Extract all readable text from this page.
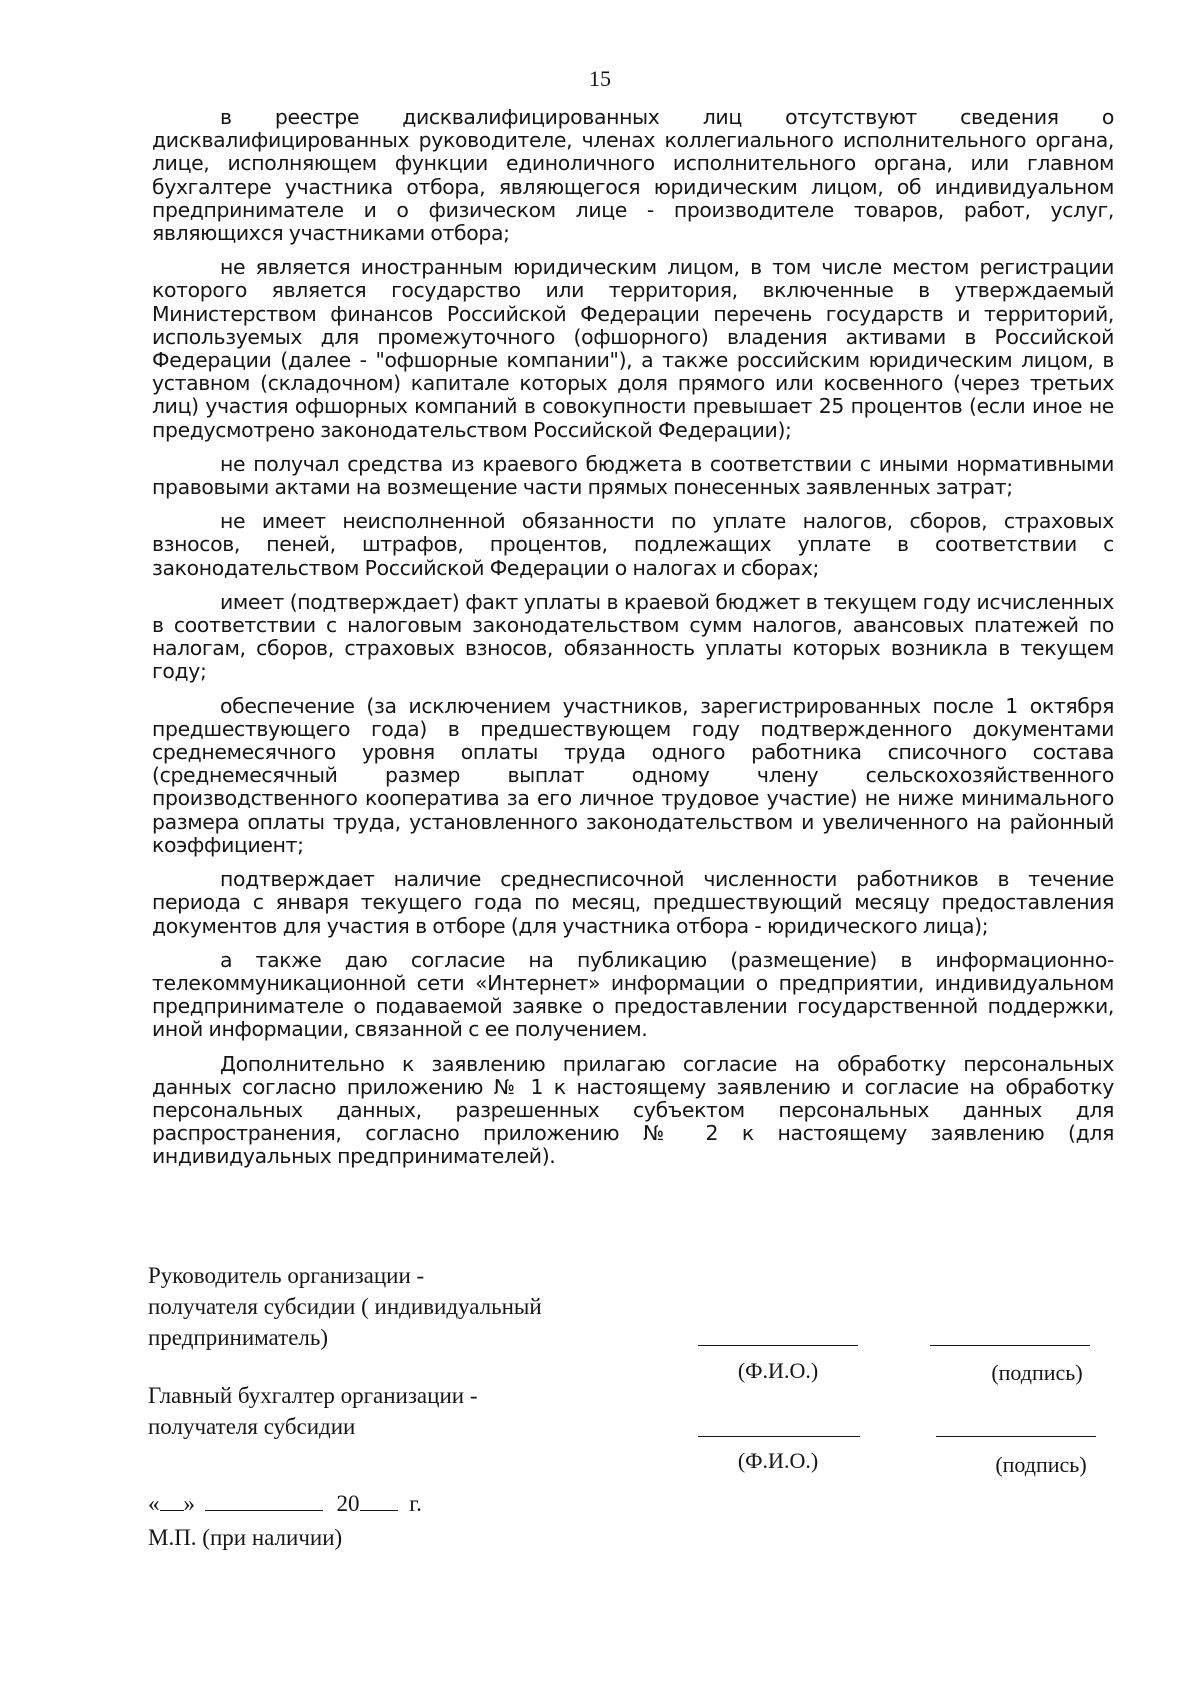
15

в реестре дисквалифицированных лиц отсутствуют сведения о дисквалифицированных руководителе, членах коллегиального исполнительного органа, лице, исполняющем функции единоличного исполнительного органа, или главном бухгалтере участника отбора, являющегося юридическим лицом, об индивидуальном предпринимателе и о физическом лице - производителе товаров, работ, услуг, являющихся участниками отбора;

не является иностранным юридическим лицом, в том числе местом регистрации которого является государство или территория, включенные в утверждаемый Министерством финансов Российской Федерации перечень государств и территорий, используемых для промежуточного (офшорного) владения активами в Российской Федерации (далее - "офшорные компании"), а также российским юридическим лицом, в уставном (складочном) капитале которых доля прямого или косвенного (через третьих лиц) участия офшорных компаний в совокупности превышает 25 процентов (если иное не предусмотрено законодательством Российской Федерации);

не получал средства из краевого бюджета в соответствии с иными нормативными правовыми актами на возмещение части прямых понесенных заявленных затрат;

не имеет неисполненной обязанности по уплате налогов, сборов, страховых взносов, пеней, штрафов, процентов, подлежащих уплате в соответствии с законодательством Российской Федерации о налогах и сборах;

имеет (подтверждает) факт уплаты в краевой бюджет в текущем году исчисленных в соответствии с налоговым законодательством сумм налогов, авансовых платежей по налогам, сборов, страховых взносов, обязанность уплаты которых возникла в текущем году;

обеспечение (за исключением участников, зарегистрированных после 1 октября предшествующего года) в предшествующем году подтвержденного документами среднемесячного уровня оплаты труда одного работника списочного состава (среднемесячный размер выплат одному члену сельскохозяйственного производственного кооператива за его личное трудовое участие) не ниже минимального размера оплаты труда, установленного законодательством и увеличенного на районный коэффициент;

подтверждает наличие среднесписочной численности работников в течение периода с января текущего года по месяц, предшествующий месяцу предоставления документов для участия в отборе (для участника отбора - юридического лица);

а также даю согласие на публикацию (размещение) в информационно-телекоммуникационной сети «Интернет» информации о предприятии, индивидуальном предпринимателе о подаваемой заявке о предоставлении государственной поддержки, иной информации, связанной с ее получением.

Дополнительно к заявлению прилагаю согласие на обработку персональных данных согласно приложению № 1 к настоящему заявлению и согласие на обработку персональных данных, разрешенных субъектом персональных данных для распространения, согласно приложению № 2 к настоящему заявлению (для индивидуальных предпринимателей).

Руководитель организации -
получателя субсидии ( индивидуальный
предприниматель)
(Ф.И.О.)	(подпись)
Главный бухгалтер организации -
получателя субсидии
(Ф.И.О.)	(подпись)
« »	20 г.
М.П. (при наличии)
